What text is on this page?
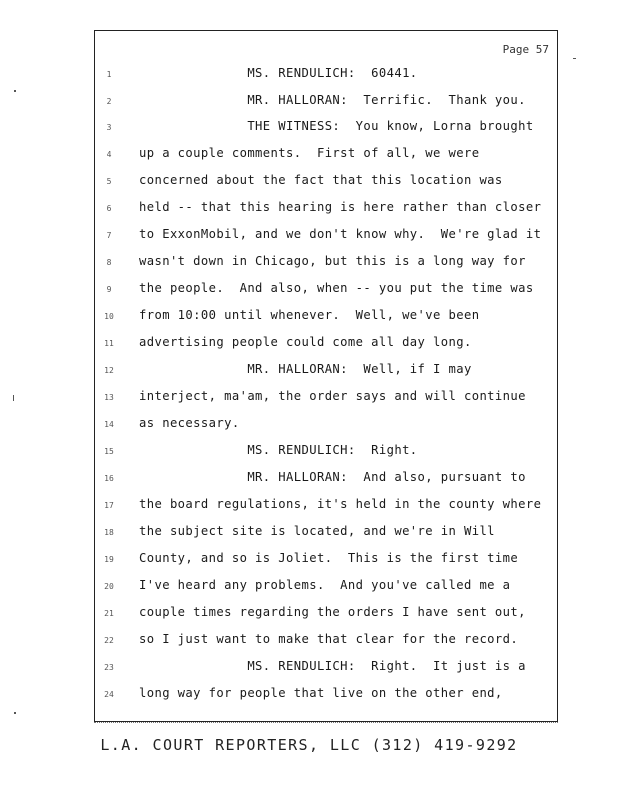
Page 57
1	MS. RENDULICH:  60441.
2	MR. HALLORAN:  Terrific.  Thank you.
3	THE WITNESS:  You know, Lorna brought
4	up a couple comments.  First of all, we were
5	concerned about the fact that this location was
6	held -- that this hearing is here rather than closer
7	to ExxonMobil, and we don't know why.  We're glad it
8	wasn't down in Chicago, but this is a long way for
9	the people.  And also, when -- you put the time was
10	from 10:00 until whenever.  Well, we've been
11	advertising people could come all day long.
12	MR. HALLORAN:  Well, if I may
13	interject, ma'am, the order says and will continue
14	as necessary.
15	MS. RENDULICH:  Right.
16	MR. HALLORAN:  And also, pursuant to
17	the board regulations, it's held in the county where
18	the subject site is located, and we're in Will
19	County, and so is Joliet.  This is the first time
20	I've heard any problems.  And you've called me a
21	couple times regarding the orders I have sent out,
22	so I just want to make that clear for the record.
23	MS. RENDULICH:  Right.  It just is a
24	long way for people that live on the other end,
L.A. COURT REPORTERS, LLC (312) 419-9292
